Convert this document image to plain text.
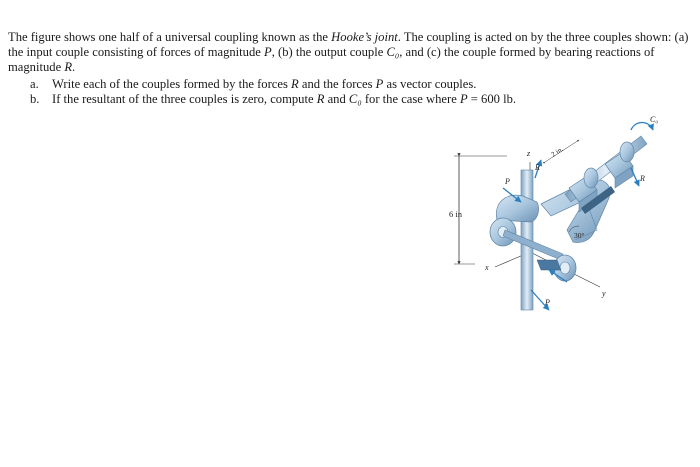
The figure shows one half of a universal coupling known as the Hooke’s joint. The coupling is acted on by the three couples shown: (a) the input couple consisting of forces of magnitude P, (b) the output couple C₀, and (c) the couple formed by bearing reactions of magnitude R.

a.	Write each of the couples formed by the forces R and the forces P as vector couples.
b. If the resultant of the three couples is zero, compute R and C₀ for the case where P = 600 lb.
6 in
z
x
y
30°
C₀
2 in.
R
R
P
P
